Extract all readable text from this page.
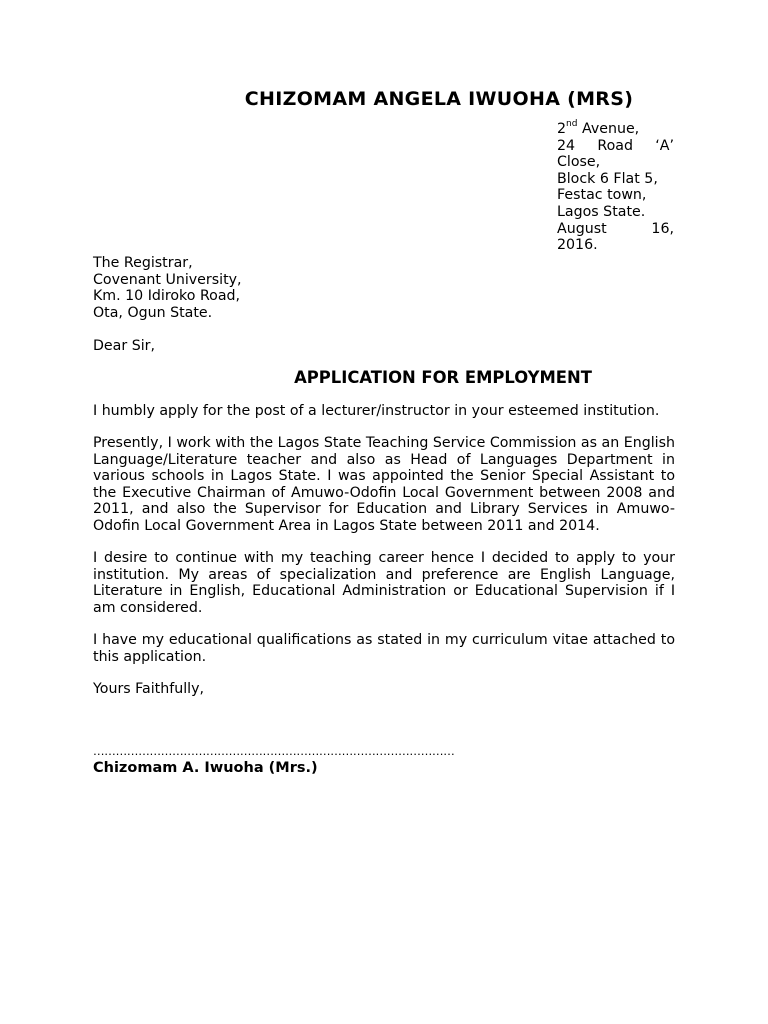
CHIZOMAM ANGELA IWUOHA (MRS)
2nd Avenue,
24 Road ‘A’
Close,
Block 6 Flat 5,
Festac town,
Lagos State.
August 16,
2016.
The Registrar,
Covenant University,
Km. 10 Idiroko Road,
Ota, Ogun State.
Dear Sir,
APPLICATION FOR EMPLOYMENT

I humbly apply for the post of a lecturer/instructor in your esteemed institution.

Presently, I work with the Lagos State Teaching Service Commission as an English Language/Literature teacher and also as Head of Languages Department in various schools in Lagos State. I was appointed the Senior Special Assistant to the Executive Chairman of Amuwo-Odofin Local Government between 2008 and 2011, and also the Supervisor for Education and Library Services in Amuwo-Odofin Local Government Area in Lagos State between 2011 and 2014.

I desire to continue with my teaching career hence I decided to apply to your institution. My areas of specialization and preference are English Language, Literature in English, Educational Administration or Educational Supervision if I am considered.

I have my educational qualifications as stated in my curriculum vitae attached to this application.

Yours Faithfully,
……………………………………………………………………………………
Chizomam A. Iwuoha (Mrs.)
